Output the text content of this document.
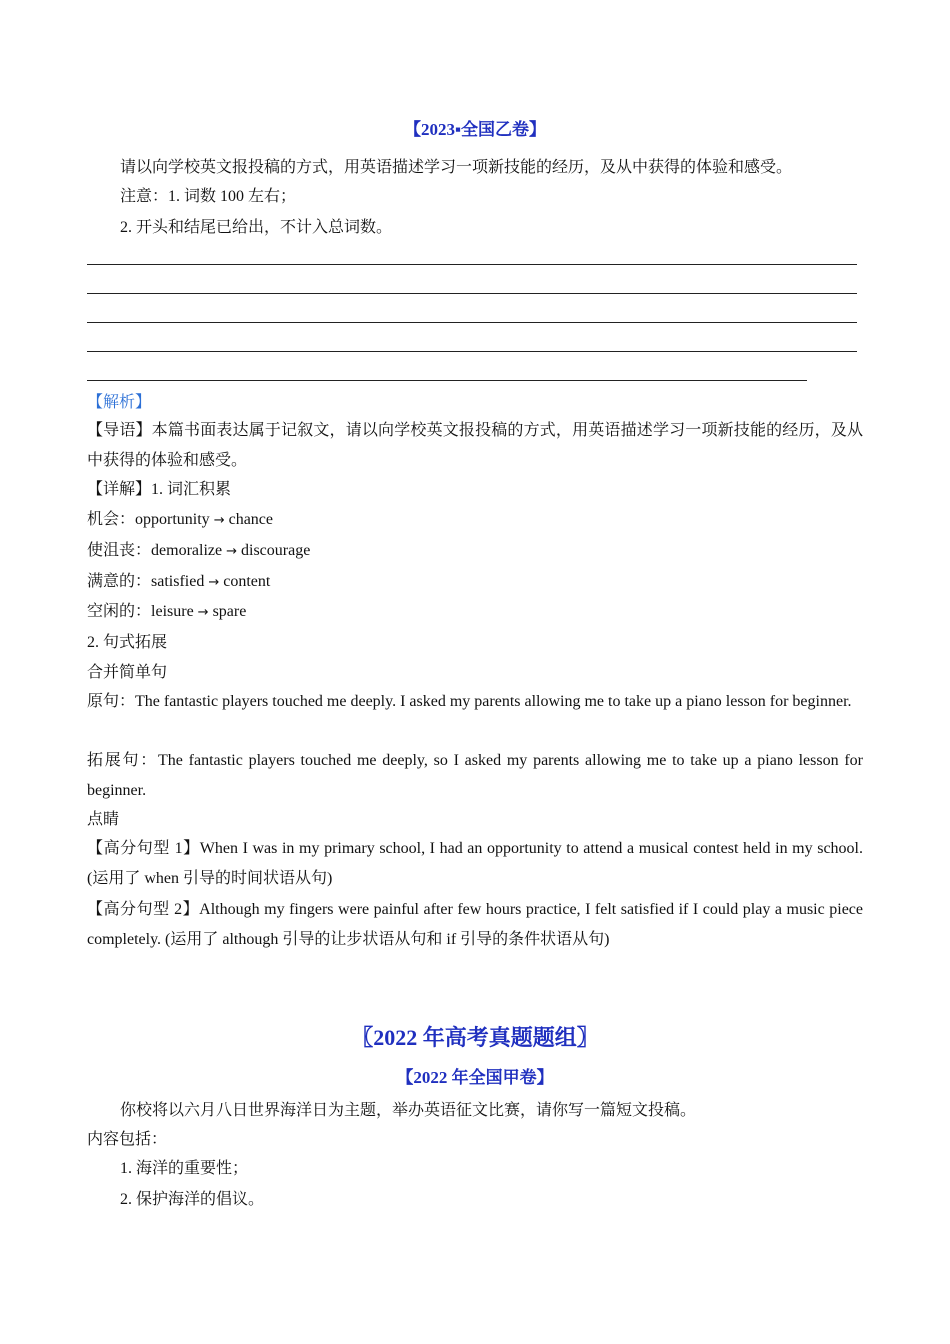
【2023▪全国乙卷】
请以向学校英文报投稿的方式，用英语描述学习一项新技能的经历，及从中获得的体验和感受。
注意：1. 词数 100 左右；
2. 开头和结尾已给出，不计入总词数。
【解析】
【导语】本篇书面表达属于记叙文，请以向学校英文报投稿的方式，用英语描述学习一项新技能的经历，及从中获得的体验和感受。
【详解】1. 词汇积累
机会：opportunity → chance
使沮丧：demoralize → discourage
满意的：satisfied → content
空闲的：leisure → spare
2. 句式拓展
合并简单句
原句：The fantastic players touched me deeply. I asked my parents allowing me to take up a piano lesson for beginner.
拓展句：The fantastic players touched me deeply, so I asked my parents allowing me to take up a piano lesson for beginner.
点睛
【高分句型 1】When I was in my primary school, I had an opportunity to attend a musical contest held in my school. (运用了 when 引导的时间状语从句)
【高分句型 2】Although my fingers were painful after few hours practice, I felt satisfied if I could play a music piece completely. (运用了 although 引导的让步状语从句和 if 引导的条件状语从句)
〖2022 年高考真题题组〗
【2022 年全国甲卷】
你校将以六月八日世界海洋日为主题，举办英语征文比赛，请你写一篇短文投稿。
内容包括：
1. 海洋的重要性；
2. 保护海洋的倡议。
